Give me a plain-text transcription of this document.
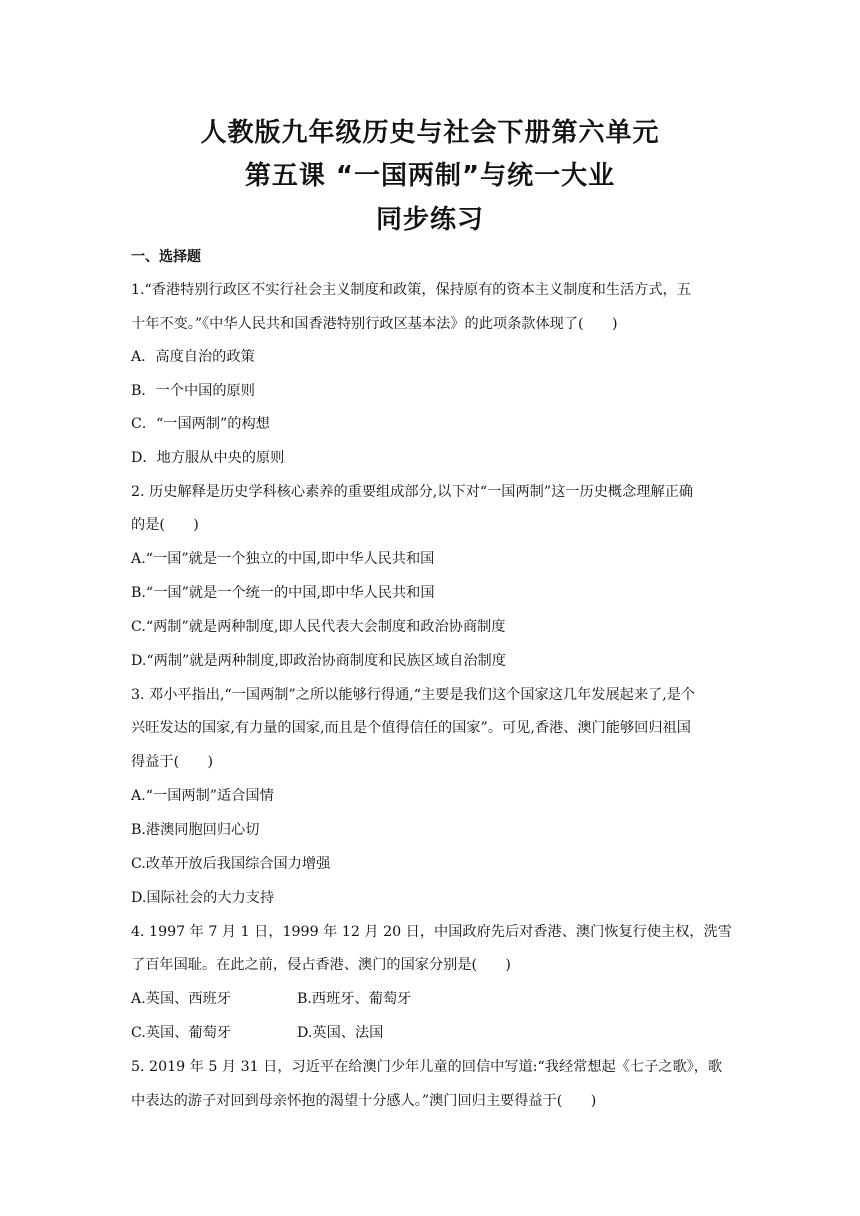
人教版九年级历史与社会下册第六单元
第五课 “一国两制”与统一大业
同步练习
一、选择题
1.“香港特别行政区不实行社会主义制度和政策，保持原有的资本主义制度和生活方式，五
十年不变。”《中华人民共和国香港特别行政区基本法》的此项条款体现了(　　)
A．高度自治的政策
B．一个中国的原则
C．“一国两制”的构想
D．地方服从中央的原则
2. 历史解释是历史学科核心素养的重要组成部分,以下对“一国两制”这一历史概念理解正确
的是(　　)
A.“一国”就是一个独立的中国,即中华人民共和国
B.“一国”就是一个统一的中国,即中华人民共和国
C.“两制”就是两种制度,即人民代表大会制度和政治协商制度
D.“两制”就是两种制度,即政治协商制度和民族区域自治制度
3. 邓小平指出,“一国两制”之所以能够行得通,“主要是我们这个国家这几年发展起来了,是个
兴旺发达的国家,有力量的国家,而且是个值得信任的国家”。可见,香港、澳门能够回归祖国
得益于(　　)
A.“一国两制”适合国情
B.港澳同胞回归心切
C.改革开放后我国综合国力增强
D.国际社会的大力支持
4. 1997 年 7 月 1 日，1999 年 12 月 20 日，中国政府先后对香港、澳门恢复行使主权，洗雪
了百年国耻。在此之前，侵占香港、澳门的国家分别是(　　)
A.英国、西班牙	B.西班牙、葡萄牙
C.英国、葡萄牙	D.英国、法国
5. 2019 年 5 月 31 日，习近平在给澳门少年儿童的回信中写道:“我经常想起《七子之歌》，歌
中表达的游子对回到母亲怀抱的渴望十分感人。”澳门回归主要得益于(　　)
